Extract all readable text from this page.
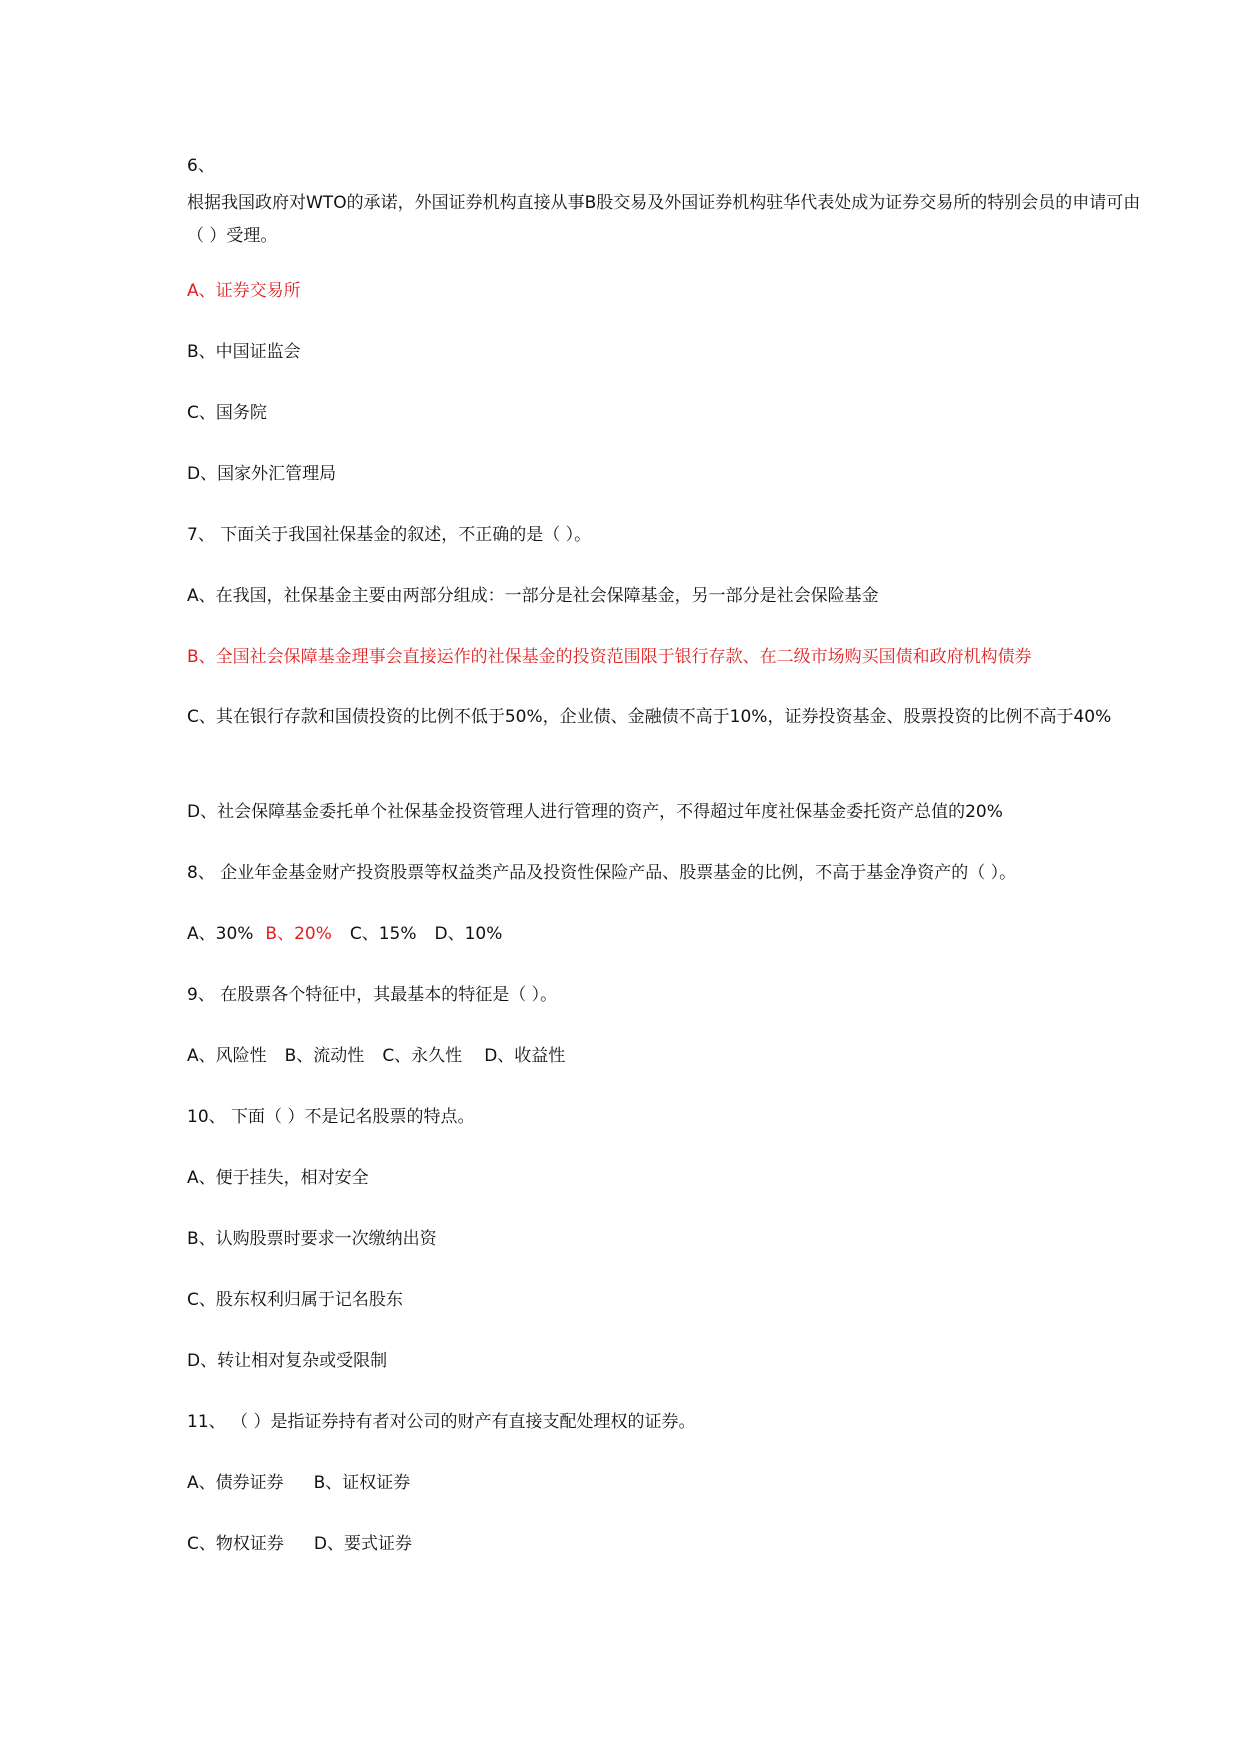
6、
根据我国政府对WTO的承诺，外国证券机构直接从事B股交易及外国证券机构驻华代表处成为证券交易所的特别会员的申请可由（ ）受理。
A、证券交易所
B、中国证监会
C、国务院
D、国家外汇管理局
7、 下面关于我国社保基金的叙述，不正确的是（ ）。
A、在我国，社保基金主要由两部分组成：一部分是社会保障基金，另一部分是社会保险基金
B、全国社会保障基金理事会直接运作的社保基金的投资范围限于银行存款、在二级市场购买国债和政府机构债券
C、其在银行存款和国债投资的比例不低于50%，企业债、金融债不高于10%，证券投资基金、股票投资的比例不高于40%
D、社会保障基金委托单个社保基金投资管理人进行管理的资产，不得超过年度社保基金委托资产总值的20%
8、 企业年金基金财产投资股票等权益类产品及投资性保险产品、股票基金的比例，不高于基金净资产的（ ）。
A、30% B、20% C、15% D、10%
9、 在股票各个特征中，其最基本的特征是（ ）。
A、风险性 B、流动性 C、永久性 D、收益性
10、 下面（ ）不是记名股票的特点。
A、便于挂失，相对安全
B、认购股票时要求一次缴纳出资
C、股东权利归属于记名股东
D、转让相对复杂或受限制
11、 （ ）是指证券持有者对公司的财产有直接支配处理权的证券。
A、债券证券 B、证权证券
C、物权证券 D、要式证券
